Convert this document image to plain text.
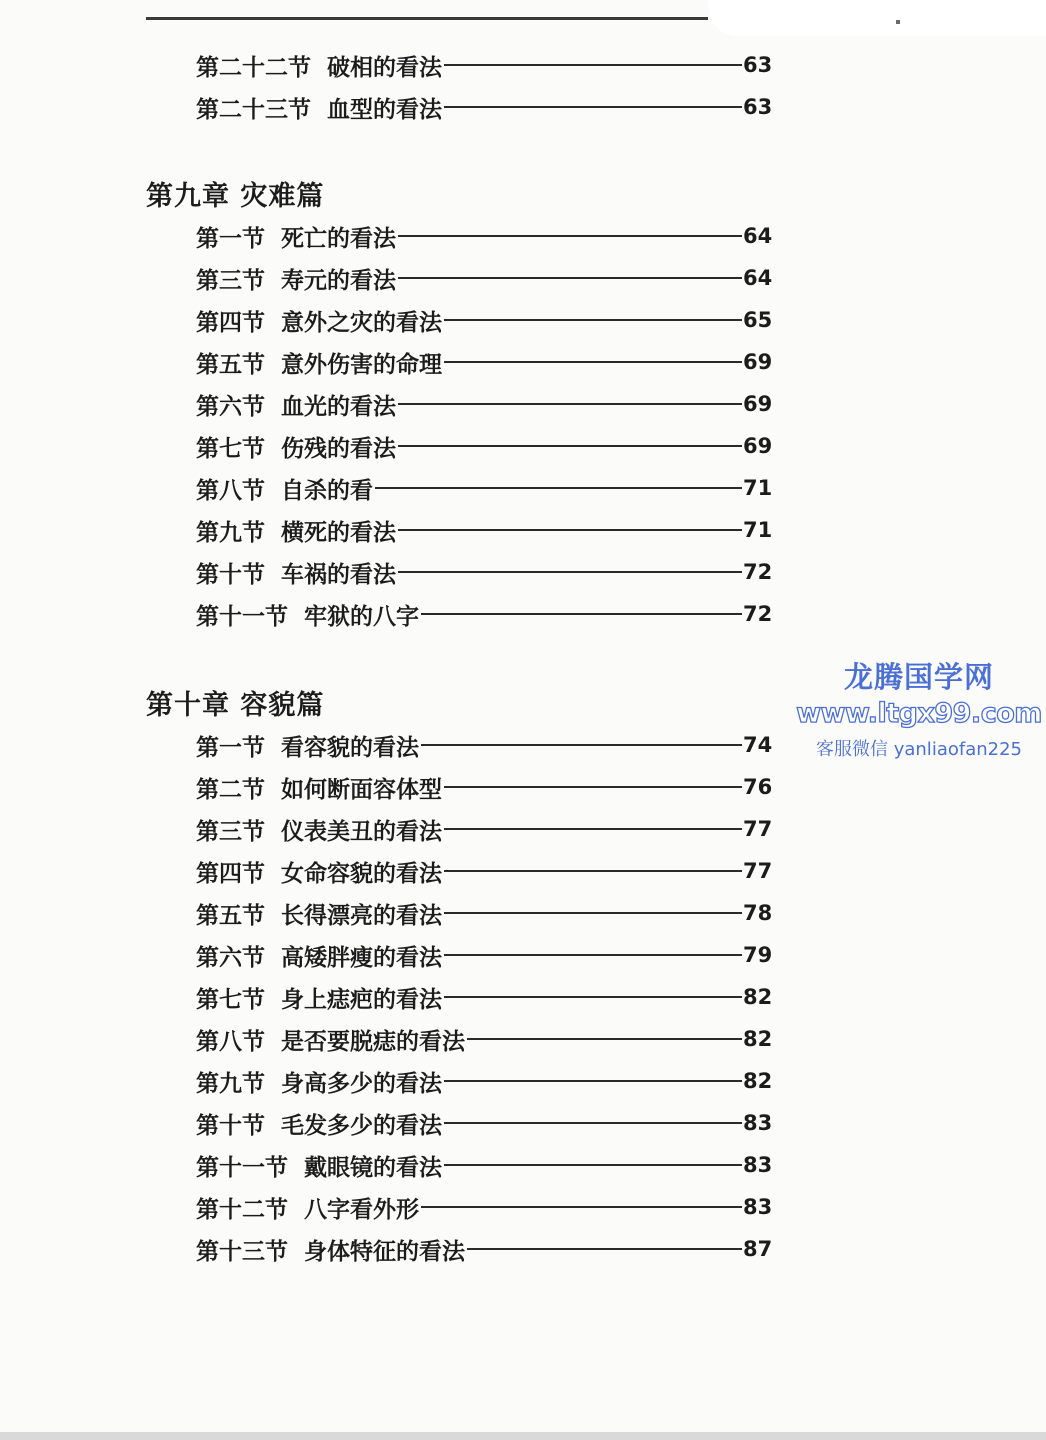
第二十二节 破相的看法	63
第二十三节 血型的看法	63
第九章 灾难篇
第一节 死亡的看法	64
第三节 寿元的看法	64
第四节 意外之灾的看法	65
第五节 意外伤害的命理	69
第六节 血光的看法	69
第七节 伤残的看法	69
第八节 自杀的看	71
第九节 横死的看法	71
第十节 车祸的看法	72
第十一节 牢狱的八字	72
第十章 容貌篇
第一节 看容貌的看法	74
第二节 如何断面容体型	76
第三节 仪表美丑的看法	77
第四节 女命容貌的看法	77
第五节 长得漂亮的看法	78
第六节 高矮胖瘦的看法	79
第七节 身上痣疤的看法	82
第八节 是否要脱痣的看法	82
第九节 身高多少的看法	82
第十节 毛发多少的看法	83
第十一节 戴眼镜的看法	83
第十二节 八字看外形	83
第十三节 身体特征的看法	87
龙腾国学网
www.ltgx99.com
客服微信 yanliaofan225
